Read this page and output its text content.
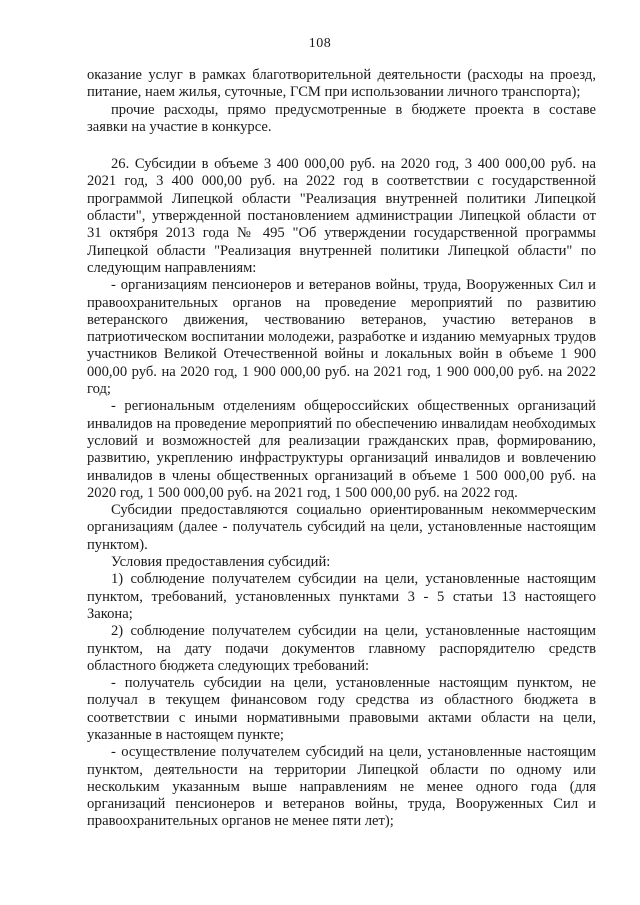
108

оказание услуг в рамках благотворительной деятельности (расходы на проезд, питание, наем жилья, суточные, ГСМ при использовании личного транспорта);

прочие расходы, прямо предусмотренные в бюджете проекта в составе заявки на участие в конкурсе.

26. Субсидии в объеме 3 400 000,00 руб. на 2020 год, 3 400 000,00 руб. на 2021 год, 3 400 000,00 руб. на 2022 год в соответствии с государственной программой Липецкой области "Реализация внутренней политики Липецкой области", утвержденной постановлением администрации Липецкой области от 31 октября 2013 года № 495 "Об утверждении государственной программы Липецкой области "Реализация внутренней политики Липецкой области" по следующим направлениям:

- организациям пенсионеров и ветеранов войны, труда, Вооруженных Сил и правоохранительных органов на проведение мероприятий по развитию ветеранского движения, чествованию ветеранов, участию ветеранов в патриотическом воспитании молодежи, разработке и изданию мемуарных трудов участников Великой Отечественной войны и локальных войн в объеме 1 900 000,00 руб. на 2020 год, 1 900 000,00 руб. на 2021 год, 1 900 000,00 руб. на 2022 год;

- региональным отделениям общероссийских общественных организаций инвалидов на проведение мероприятий по обеспечению инвалидам необходимых условий и возможностей для реализации гражданских прав, формированию, развитию, укреплению инфраструктуры организаций инвалидов и вовлечению инвалидов в члены общественных организаций в объеме 1 500 000,00 руб. на 2020 год, 1 500 000,00 руб. на 2021 год, 1 500 000,00 руб. на 2022 год.

Субсидии предоставляются социально ориентированным некоммерческим организациям (далее - получатель субсидий на цели, установленные настоящим пунктом).

Условия предоставления субсидий:

1) соблюдение получателем субсидии на цели, установленные настоящим пунктом, требований, установленных пунктами 3 - 5 статьи 13 настоящего Закона;

2) соблюдение получателем субсидии на цели, установленные настоящим пунктом, на дату подачи документов главному распорядителю средств областного бюджета следующих требований:

- получатель субсидии на цели, установленные настоящим пунктом, не получал в текущем финансовом году средства из областного бюджета в соответствии с иными нормативными правовыми актами области на цели, указанные в настоящем пункте;

- осуществление получателем субсидий на цели, установленные настоящим пунктом, деятельности на территории Липецкой области по одному или нескольким указанным выше направлениям не менее одного года (для организаций пенсионеров и ветеранов войны, труда, Вооруженных Сил и правоохранительных органов не менее пяти лет);
